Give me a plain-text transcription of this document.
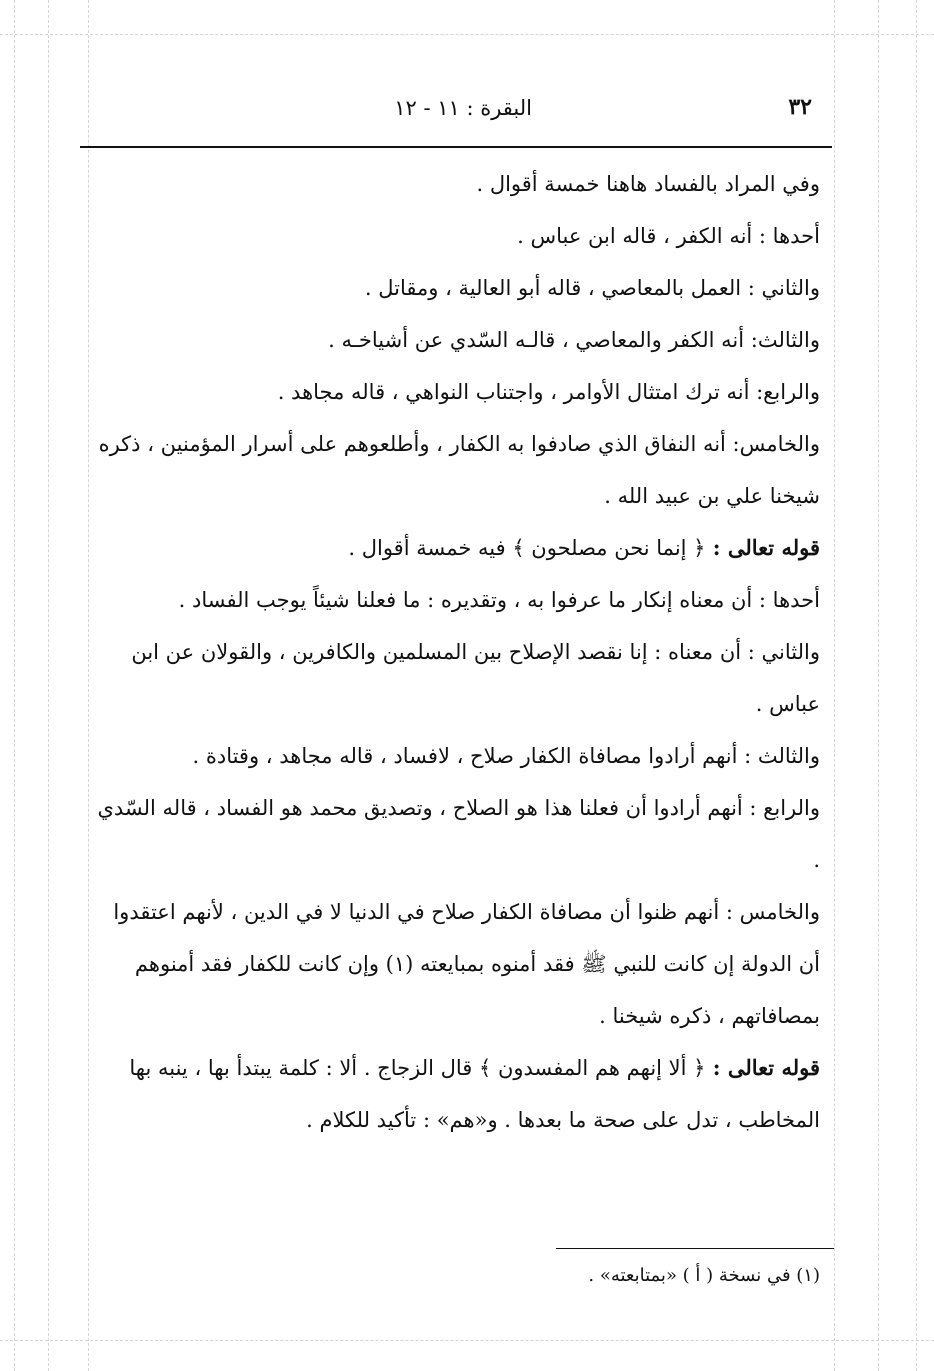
٣٢
البقرة : ١١ - ١٢

وفي المراد بالفساد هاهنا خمسة أقوال .

أحدها : أنه الكفر ، قاله ابن عباس .

والثاني : العمل بالمعاصي ، قاله أبو العالية ، ومقاتل .

والثالث: أنه الكفر والمعاصي ، قالـه السّدي عن أشياخـه .

والرابع: أنه ترك امتثال الأوامر ، واجتناب النواهي ، قاله مجاهد .

والخامس: أنه النفاق الذي صادفوا به الكفار ، وأطلعوهم على أسرار المؤمنين ، ذكره شيخنا علي بن عبيد الله .

قوله تعالى : ﴿ إنما نحن مصلحون ﴾ فيه خمسة أقوال .

أحدها : أن معناه إنكار ما عرفوا به ، وتقديره : ما فعلنا شيئاً يوجب الفساد .

والثاني : أن معناه : إنا نقصد الإصلاح بين المسلمين والكافرين ، والقولان عن ابن عباس .

والثالث : أنهم أرادوا مصافاة الكفار صلاح ، لافساد ، قاله مجاهد ، وقتادة .

والرابع : أنهم أرادوا أن فعلنا هذا هو الصلاح ، وتصديق محمد هو الفساد ، قاله السّدي .

والخامس : أنهم ظنوا أن مصافاة الكفار صلاح في الدنيا لا في الدين ، لأنهم اعتقدوا أن الدولة إن كانت للنبي ﷺ فقد أمنوه بمبايعته (١) وإن كانت للكفار فقد أمنوهم بمصافاتهم ، ذكره شيخنا .

قوله تعالى : ﴿ ألا إنهم هم المفسدون ﴾ قال الزجاج . ألا : كلمة يبتدأ بها ، ينبه بها المخاطب ، تدل على صحة ما بعدها . و«هم» : تأكيد للكلام .

(١) في نسخة ( أ ) «بمتابعته» .
